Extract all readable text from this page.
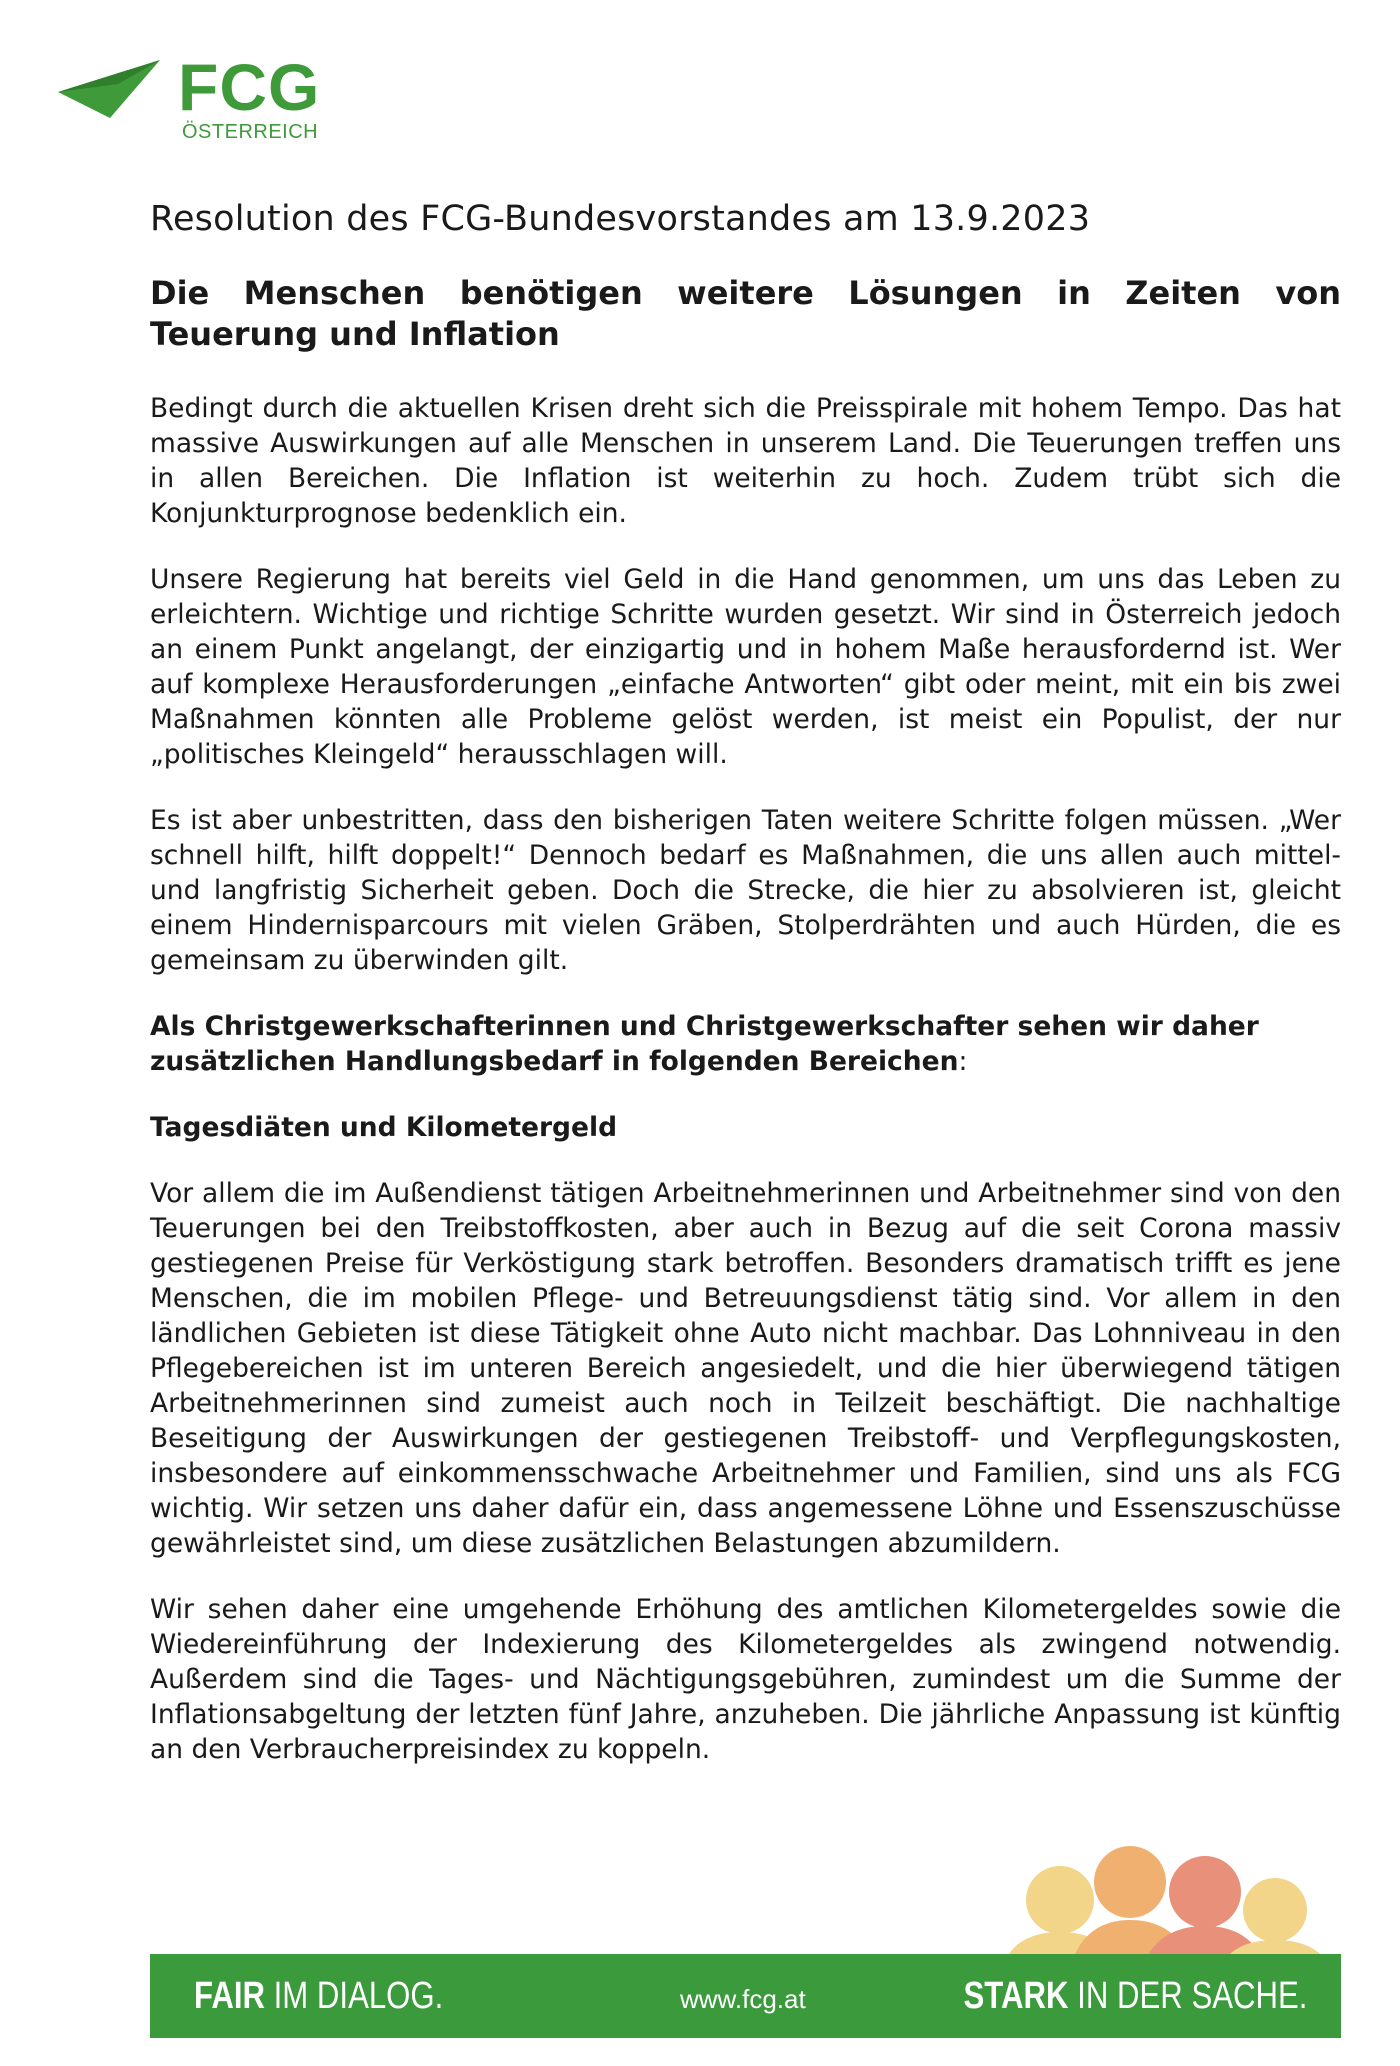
FCG
ÖSTERREICH
Resolution des FCG-Bundesvorstandes am 13.9.2023
Die Menschen benötigen weitere Lösungen in Zeiten von Teuerung und Inflation

Bedingt durch die aktuellen Krisen dreht sich die Preisspirale mit hohem Tempo. Das hat massive Auswirkungen auf alle Menschen in unserem Land. Die Teuerungen treffen uns in allen Bereichen. Die Inflation ist weiterhin zu hoch. Zudem trübt sich die Konjunkturprognose bedenklich ein.

Unsere Regierung hat bereits viel Geld in die Hand genommen, um uns das Leben zu erleichtern. Wichtige und richtige Schritte wurden gesetzt. Wir sind in Österreich jedoch an einem Punkt angelangt, der einzigartig und in hohem Maße herausfordernd ist. Wer auf komplexe Herausforderungen „einfache Antworten“ gibt oder meint, mit ein bis zwei Maßnahmen könnten alle Probleme gelöst werden, ist meist ein Populist, der nur „politisches Kleingeld“ herausschlagen will.

Es ist aber unbestritten, dass den bisherigen Taten weitere Schritte folgen müssen. „Wer schnell hilft, hilft doppelt!“ Dennoch bedarf es Maßnahmen, die uns allen auch mittel- und langfristig Sicherheit geben. Doch die Strecke, die hier zu absolvieren ist, gleicht einem Hindernisparcours mit vielen Gräben, Stolperdrähten und auch Hürden, die es gemeinsam zu überwinden gilt.

Als Christgewerkschafterinnen und Christgewerkschafter sehen wir daher zusätzlichen Handlungsbedarf in folgenden Bereichen:

Tagesdiäten und Kilometergeld

Vor allem die im Außendienst tätigen Arbeitnehmerinnen und Arbeitnehmer sind von den Teuerungen bei den Treibstoffkosten, aber auch in Bezug auf die seit Corona massiv gestiegenen Preise für Verköstigung stark betroffen. Besonders dramatisch trifft es jene Menschen, die im mobilen Pflege- und Betreuungsdienst tätig sind. Vor allem in den ländlichen Gebieten ist diese Tätigkeit ohne Auto nicht machbar. Das Lohnniveau in den Pflegebereichen ist im unteren Bereich angesiedelt, und die hier überwiegend tätigen Arbeitnehmerinnen sind zumeist auch noch in Teilzeit beschäftigt. Die nachhaltige Beseitigung der Auswirkungen der gestiegenen Treibstoff- und Verpflegungskosten, insbesondere auf einkommensschwache Arbeitnehmer und Familien, sind uns als FCG wichtig. Wir setzen uns daher dafür ein, dass angemessene Löhne und Essenszuschüsse gewährleistet sind, um diese zusätzlichen Belastungen abzumildern.

Wir sehen daher eine umgehende Erhöhung des amtlichen Kilometergeldes sowie die Wiedereinführung der Indexierung des Kilometergeldes als zwingend notwendig. Außerdem sind die Tages- und Nächtigungsgebühren, zumindest um die Summe der Inflationsabgeltung der letzten fünf Jahre, anzuheben. Die jährliche Anpassung ist künftig an den Verbraucherpreisindex zu koppeln.

FAIR IM DIALOG.	www.fcg.at	STARK IN DER SACHE.
